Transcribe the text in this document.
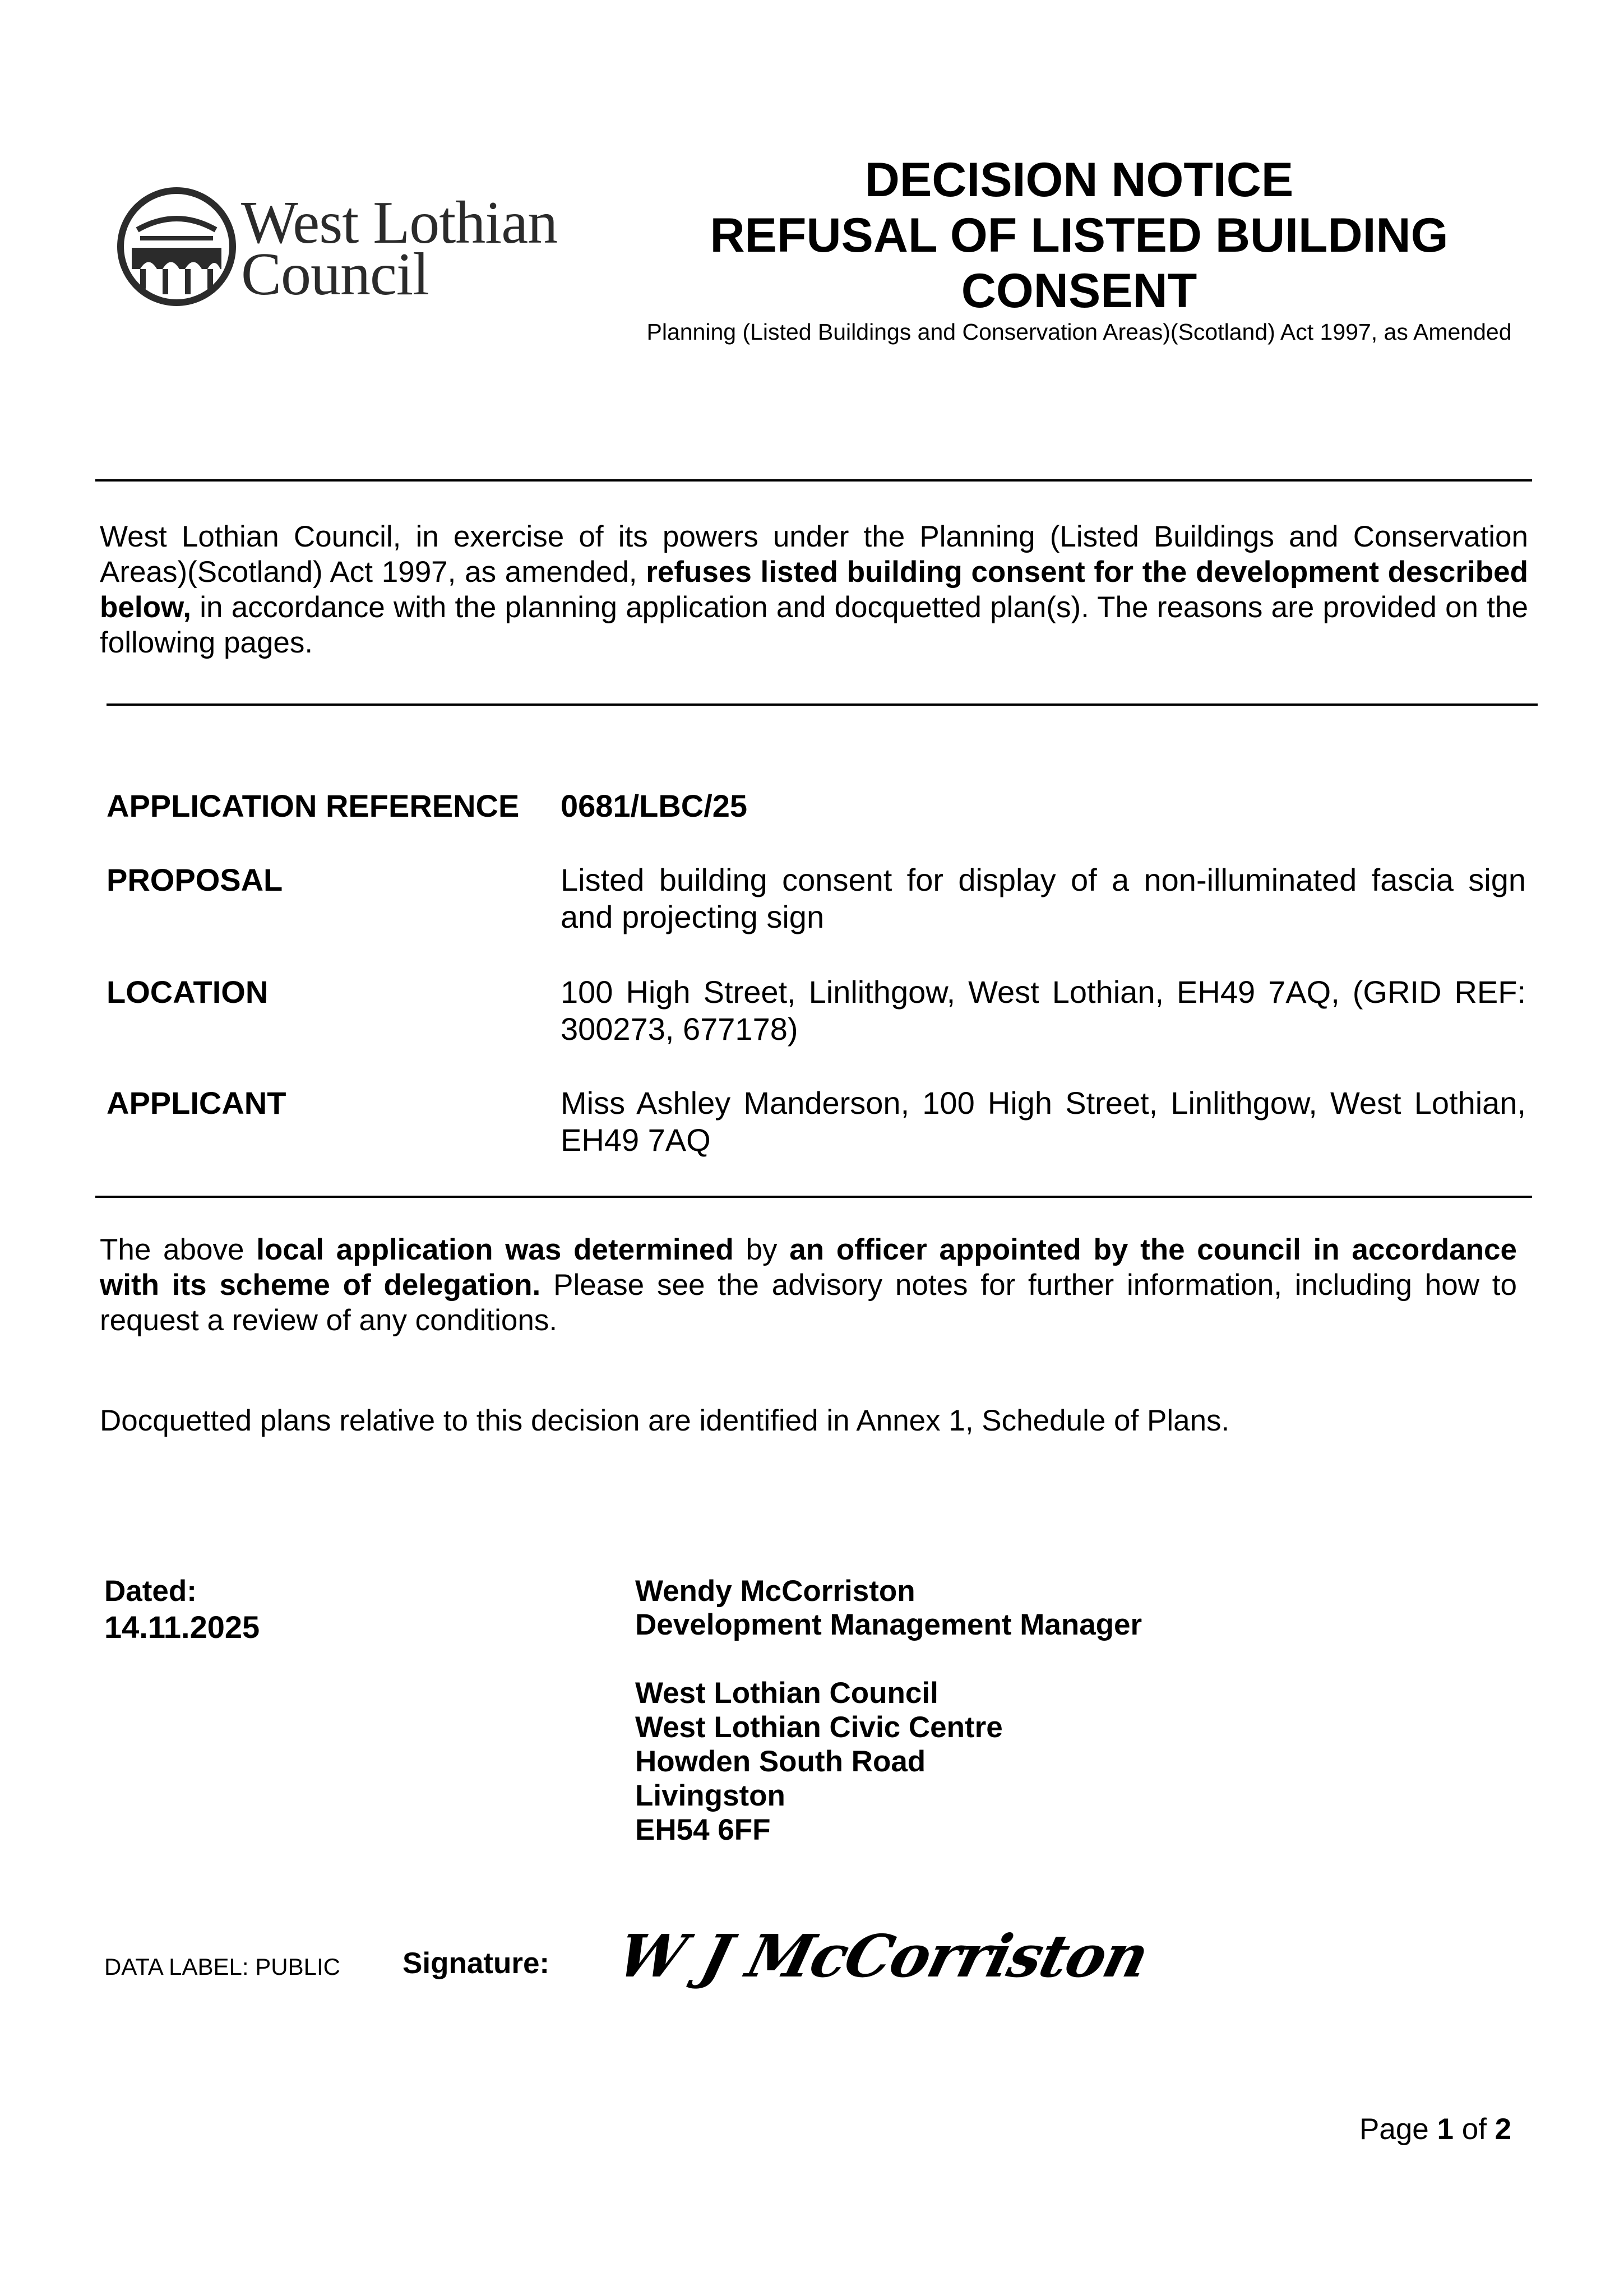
West Lothian
Council
DECISION NOTICE
REFUSAL OF LISTED BUILDING
CONSENT
Planning (Listed Buildings and Conservation Areas)(Scotland) Act 1997, as Amended
West Lothian Council, in exercise of its powers under the Planning (Listed Buildings and Conservation Areas)(Scotland) Act 1997, as amended, refuses listed building consent for the development described below, in accordance with the planning application and docquetted plan(s). The reasons are provided on the following pages.
APPLICATION REFERENCE 0681/LBC/25
PROPOSAL	Listed building consent for display of a non-illuminated fascia sign and projecting sign
LOCATION	100 High Street, Linlithgow, West Lothian, EH49 7AQ, (GRID REF: 300273, 677178)
APPLICANT	Miss Ashley Manderson, 100 High Street, Linlithgow, West Lothian, EH49 7AQ
The above local application was determined by an officer appointed by the council in accordance with its scheme of delegation. Please see the advisory notes for further information, including how to request a review of any conditions.
Docquetted plans relative to this decision are identified in Annex 1, Schedule of Plans.
Dated:
14.11.2025
Wendy McCorriston
Development Management Manager
West Lothian Council
West Lothian Civic Centre
Howden South Road
Livingston
EH54 6FF
DATA LABEL: PUBLIC Signature: W J McCorriston
Page 1 of 2
